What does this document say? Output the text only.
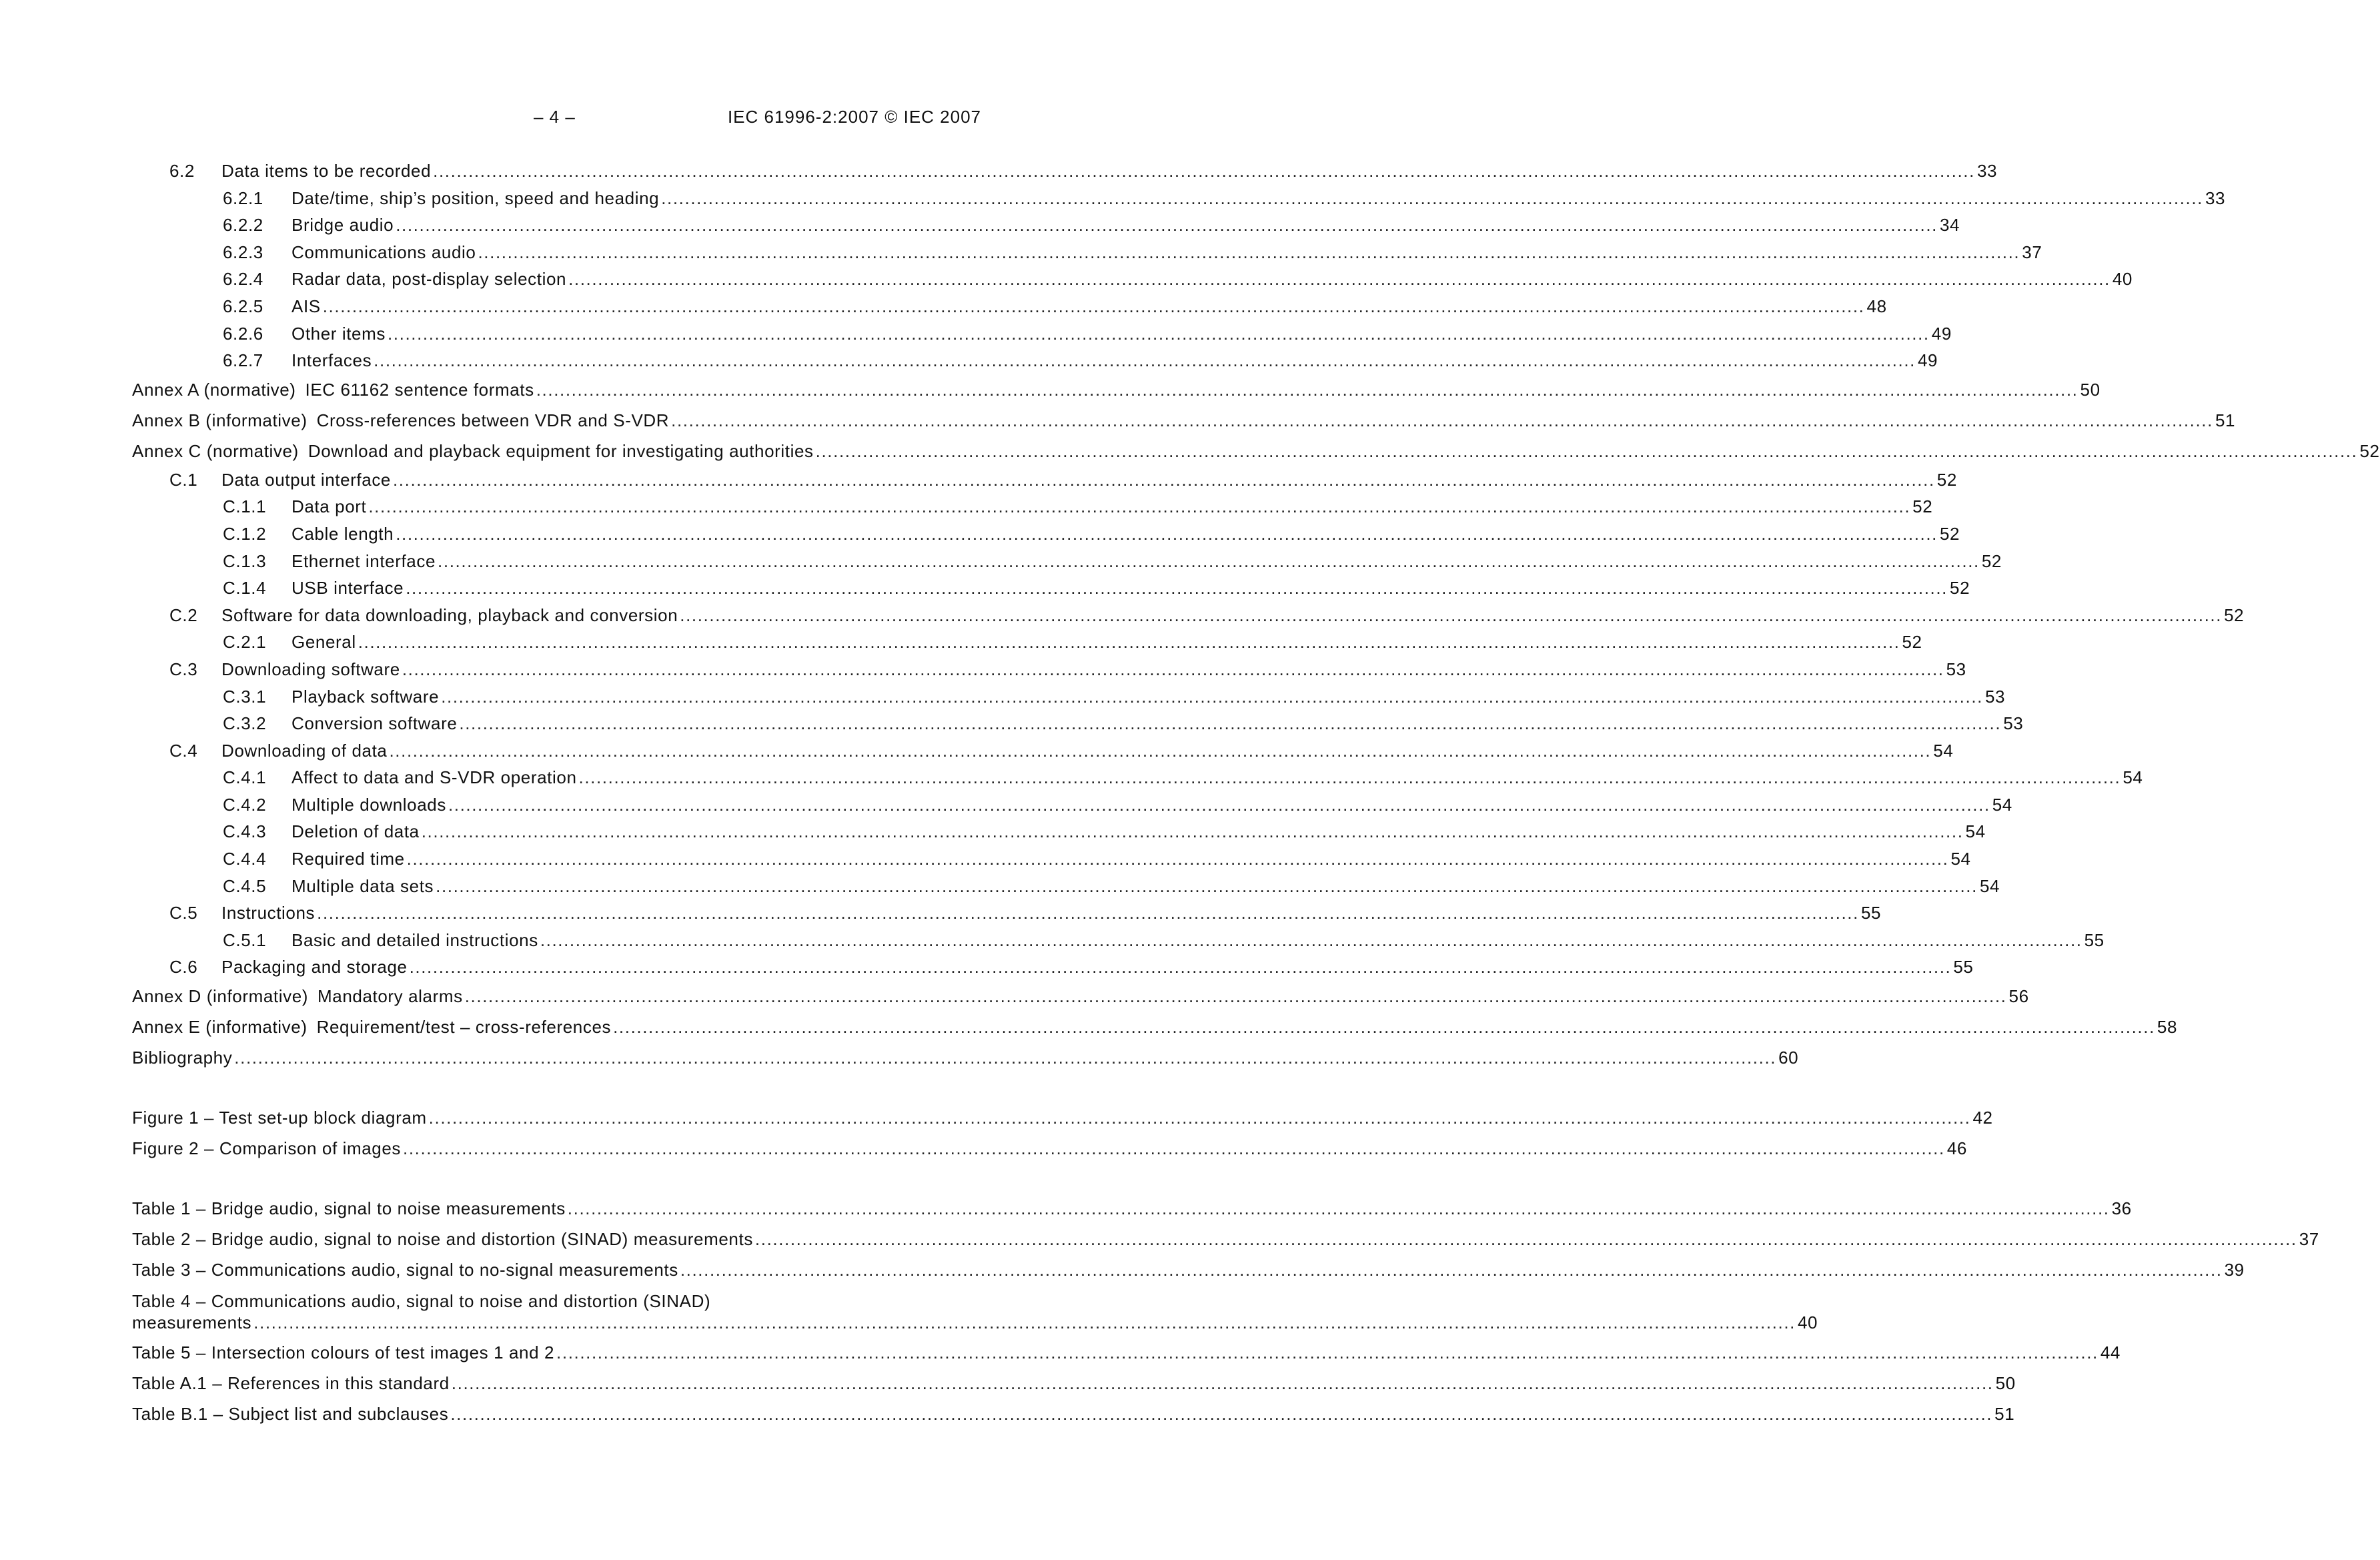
– 4 –	IEC 61996-2:2007 © IEC 2007
6.2	Data items to be recorded ...................................................................................................................................................................................................................................................................... 33
6.2.1	Date/time, ship’s position, speed and heading ...................................................................................................................................................................................................................................................................... 33
6.2.2	Bridge audio ...................................................................................................................................................................................................................................................................... 34
6.2.3	Communications audio ...................................................................................................................................................................................................................................................................... 37
6.2.4	Radar data, post-display selection ...................................................................................................................................................................................................................................................................... 40
6.2.5	AIS ...................................................................................................................................................................................................................................................................... 48
6.2.6	Other items ...................................................................................................................................................................................................................................................................... 49
6.2.7	Interfaces ...................................................................................................................................................................................................................................................................... 49
Annex A (normative) IEC 61162 sentence formats ...................................................................................................................................................................................................................................................................... 50
Annex B (informative) Cross-references between VDR and S-VDR ...................................................................................................................................................................................................................................................................... 51
Annex C (normative) Download and playback equipment for investigating authorities ...................................................................................................................................................................................................................................................................... 52
C.1	Data output interface ...................................................................................................................................................................................................................................................................... 52
C.1.1	Data port ...................................................................................................................................................................................................................................................................... 52
C.1.2	Cable length ...................................................................................................................................................................................................................................................................... 52
C.1.3	Ethernet interface ...................................................................................................................................................................................................................................................................... 52
C.1.4	USB interface ...................................................................................................................................................................................................................................................................... 52
C.2	Software for data downloading, playback and conversion ...................................................................................................................................................................................................................................................................... 52
C.2.1	General ...................................................................................................................................................................................................................................................................... 52
C.3	Downloading software ...................................................................................................................................................................................................................................................................... 53
C.3.1	Playback software ...................................................................................................................................................................................................................................................................... 53
C.3.2	Conversion software ...................................................................................................................................................................................................................................................................... 53
C.4	Downloading of data ...................................................................................................................................................................................................................................................................... 54
C.4.1	Affect to data and S-VDR operation ...................................................................................................................................................................................................................................................................... 54
C.4.2	Multiple downloads ...................................................................................................................................................................................................................................................................... 54
C.4.3	Deletion of data ...................................................................................................................................................................................................................................................................... 54
C.4.4	Required time ...................................................................................................................................................................................................................................................................... 54
C.4.5	Multiple data sets ...................................................................................................................................................................................................................................................................... 54
C.5	Instructions ...................................................................................................................................................................................................................................................................... 55
C.5.1	Basic and detailed instructions ...................................................................................................................................................................................................................................................................... 55
C.6	Packaging and storage ...................................................................................................................................................................................................................................................................... 55
Annex D (informative) Mandatory alarms ...................................................................................................................................................................................................................................................................... 56
Annex E (informative) Requirement/test – cross-references ...................................................................................................................................................................................................................................................................... 58
Bibliography ...................................................................................................................................................................................................................................................................... 60
Figure 1 – Test set-up block diagram ...................................................................................................................................................................................................................................................................... 42
Figure 2 – Comparison of images ...................................................................................................................................................................................................................................................................... 46
Table 1 – Bridge audio, signal to noise measurements ...................................................................................................................................................................................................................................................................... 36
Table 2 – Bridge audio, signal to noise and distortion (SINAD) measurements ...................................................................................................................................................................................................................................................................... 37
Table 3 – Communications audio, signal to no-signal measurements ...................................................................................................................................................................................................................................................................... 39
Table 4 – Communications audio, signal to noise and distortion (SINAD)
measurements ...................................................................................................................................................................................................................................................................... 40
Table 5 – Intersection colours of test images 1 and 2 ...................................................................................................................................................................................................................................................................... 44
Table A.1 – References in this standard ...................................................................................................................................................................................................................................................................... 50
Table B.1 – Subject list and subclauses ...................................................................................................................................................................................................................................................................... 51
